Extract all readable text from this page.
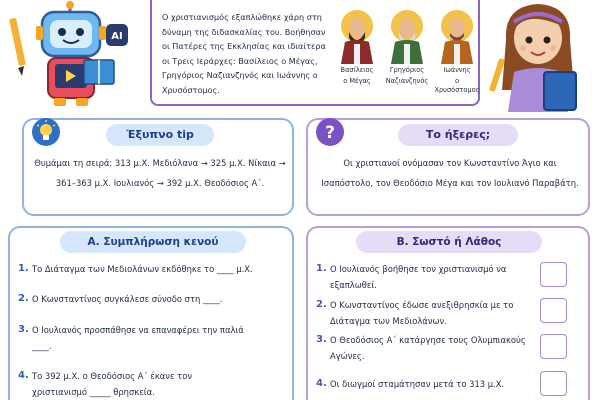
AI
Ο χριστιανισμός εξαπλώθηκε χάρη στη δύναμη της διδασκαλίας του. Βοήθησαν οι Πατέρες της Εκκλησίας και ιδιαίτερα οι Τρεις Ιεράρχες: Βασίλειος ο Μέγας, Γρηγόριος Ναζιανζηνός και Ιωάννης ο Χρυσόστομος.
Βασίλειος
ο Μέγας
Γρηγόριος
Ναζιανζηνός
Ιωάννης
ο Χρυσόστομος
Έξυπνο tip
Θυμάμαι τη σειρά: 313 μ.Χ. Μεδιόλανα → 325 μ.Χ. Νίκαια → 361–363 μ.Χ. Ιουλιανός → 392 μ.Χ. Θεοδόσιος Α΄.
?	Το ήξερες;
Οι χριστιανοί ονόμασαν τον Κωνσταντίνο Άγιο και Ισαπόστολο, τον Θεοδόσιο Μέγα και τον Ιουλιανό Παραβάτη.
Α. Συμπλήρωση κενού
1. Το Διάταγμα των Μεδιολάνων εκδόθηκε το ____ μ.Χ.
2. Ο Κωνσταντίνος συγκάλεσε σύνοδο στη ____.
3. Ο Ιουλιανός προσπάθησε να επαναφέρει την παλιά ____.
4. Το 392 μ.Χ. ο Θεοδόσιος Α΄ έκανε τον χριστιανισμό _____ θρησκεία.
Β. Σωστό ή Λάθος
1. Ο Ιουλιανός βοήθησε τον χριστιανισμό να εξαπλωθεί.
2. Ο Κωνσταντίνος έδωσε ανεξιθρησκία με το Διάταγμα των Μεδιολάνων.
3. Ο Θεοδόσιος Α΄ κατάργησε τους Ολυμπιακούς Αγώνες.
4. Οι διωγμοί σταμάτησαν μετά το 313 μ.Χ.
